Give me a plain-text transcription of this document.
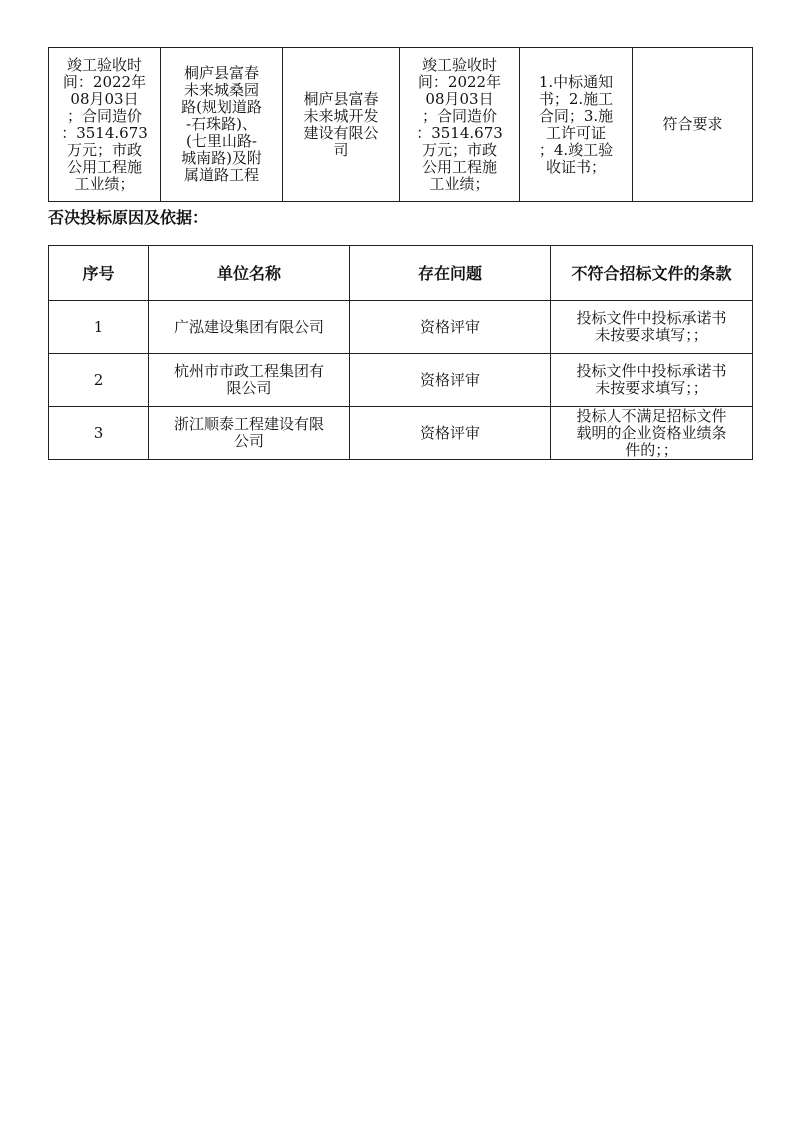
竣工验收时
间：2022年
08月03日
；合同造价
：3514.673
万元；市政
公用工程施
工业绩；	桐庐县富春
未来城桑园
路(规划道路
-石珠路)、
(七里山路-
城南路)及附
属道路工程	桐庐县富春
未来城开发
建设有限公
司	竣工验收时
间：2022年
08月03日
；合同造价
：3514.673
万元；市政
公用工程施
工业绩；	1.中标通知
书；2.施工
合同；3.施
工许可证
；4.竣工验
收证书；	符合要求
否决投标原因及依据：
序号	单位名称	存在问题	不符合招标文件的条款
1	广泓建设集团有限公司	资格评审	投标文件中投标承诺书
未按要求填写；；
2	杭州市市政工程集团有
限公司	资格评审	投标文件中投标承诺书
未按要求填写；；
3	浙江顺泰工程建设有限
公司	资格评审	投标人不满足招标文件
载明的企业资格业绩条
件的；；
